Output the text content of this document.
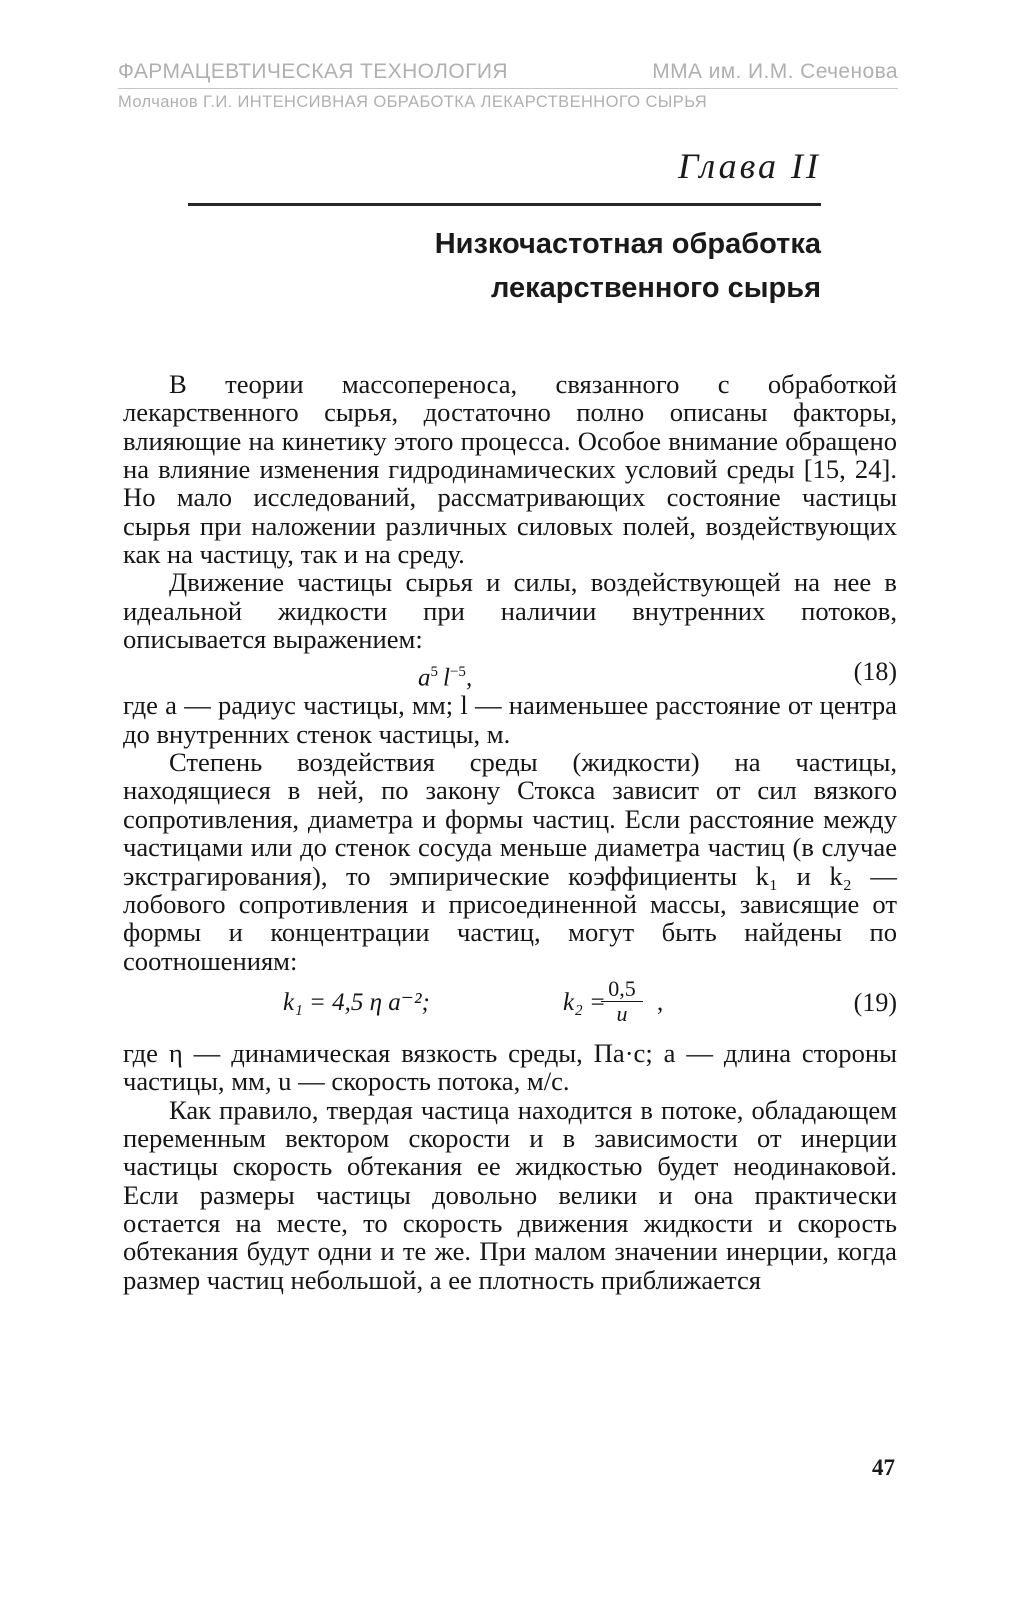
ФАРМАЦЕВТИЧЕСКАЯ ТЕХНОЛОГИЯ	ММА им. И.М. Сеченова
Молчанов Г.И. ИНТЕНСИВНАЯ ОБРАБОТКА ЛЕКАРСТВЕННОГО СЫРЬЯ
Глава II
Низкочастотная обработка
лекарственного сырья

В теории массопереноса, связанного с обработкой лекарственного сырья, достаточно полно описаны факторы, влияющие на кинетику этого процесса. Особое внимание обращено на влияние изменения гидродинамических условий среды [15, 24]. Но мало исследований, рассматривающих состояние частицы сырья при наложении различных силовых полей, воздействующих как на частицу, так и на среду.

Движение частицы сырья и силы, воздействующей на нее в идеальной жидкости при наличии внутренних потоков, описывается выражением:

$a^5$  $l^{-5}$,	(18)

где a — радиус частицы, мм; l — наименьшее расстояние от центра до внутренних стенок частицы, м.

Степень воздействия среды (жидкости) на частицы, находящиеся в ней, по закону Стокса зависит от сил вязкого сопротивления, диаметра и формы частиц. Если расстояние между частицами или до стенок сосуда меньше диаметра частиц (в случае экстрагирования), то эмпирические коэффициенты k₁ и k₂ — лобового сопротивления и присоединенной массы, зависящие от формы и концентрации частиц, могут быть найдены по соотношениям:

k₁ = 4,5 η a⁻²;	k₂ =
$\frac{0,5}{u}$ ,	(19)

где η — динамическая вязкость среды, Па·с; a — длина стороны частицы, мм, u — скорость потока, м/с.

Как правило, твердая частица находится в потоке, обладающем переменным вектором скорости и в зависимости от инерции частицы скорость обтекания ее жидкостью будет неодинаковой. Если размеры частицы довольно велики и она практически остается на месте, то скорость движения жидкости и скорость обтекания будут одни и те же. При малом значении инерции, когда размер частиц небольшой, а ее плотность приближается

47
